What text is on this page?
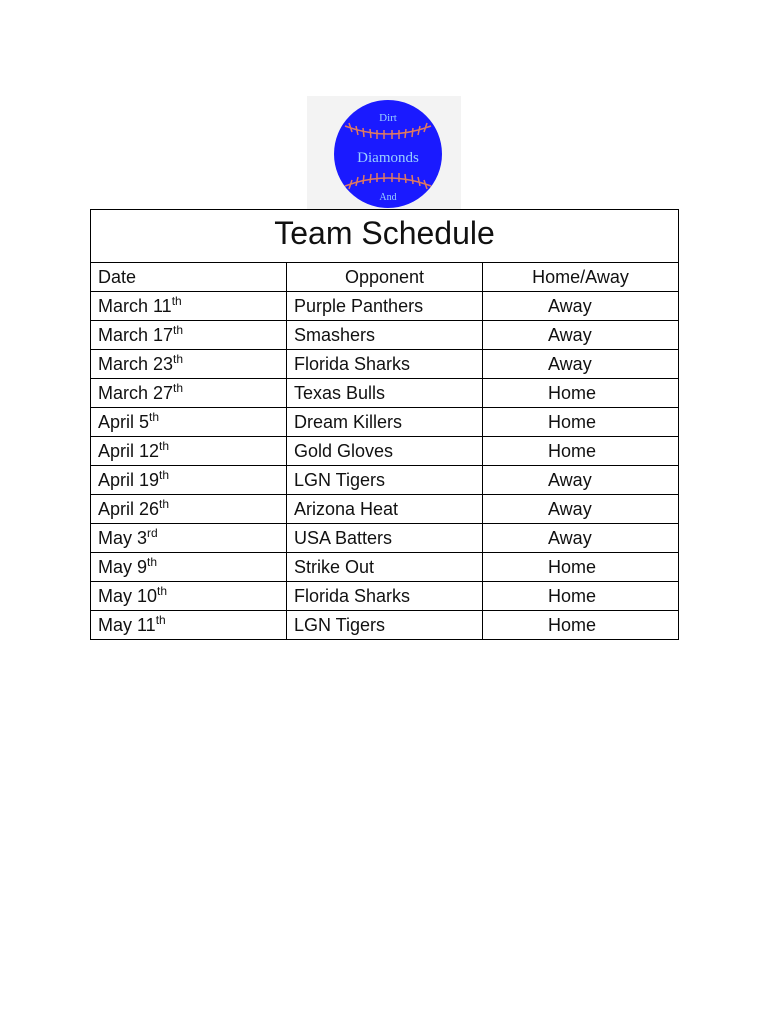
Dirt
Diamonds
And
Team Schedule		
Date	Opponent	Home/Away
March 11th	Purple Panthers	Away
March 17th	Smashers	Away
March 23th	Florida Sharks	Away
March 27th	Texas Bulls	Home
April 5th	Dream Killers	Home
April 12th	Gold Gloves	Home
April 19th	LGN Tigers	Away
April 26th	Arizona Heat	Away
May 3rd	USA Batters	Away
May 9th	Strike Out	Home
May 10th	Florida Sharks	Home
May 11th	LGN Tigers	Home
